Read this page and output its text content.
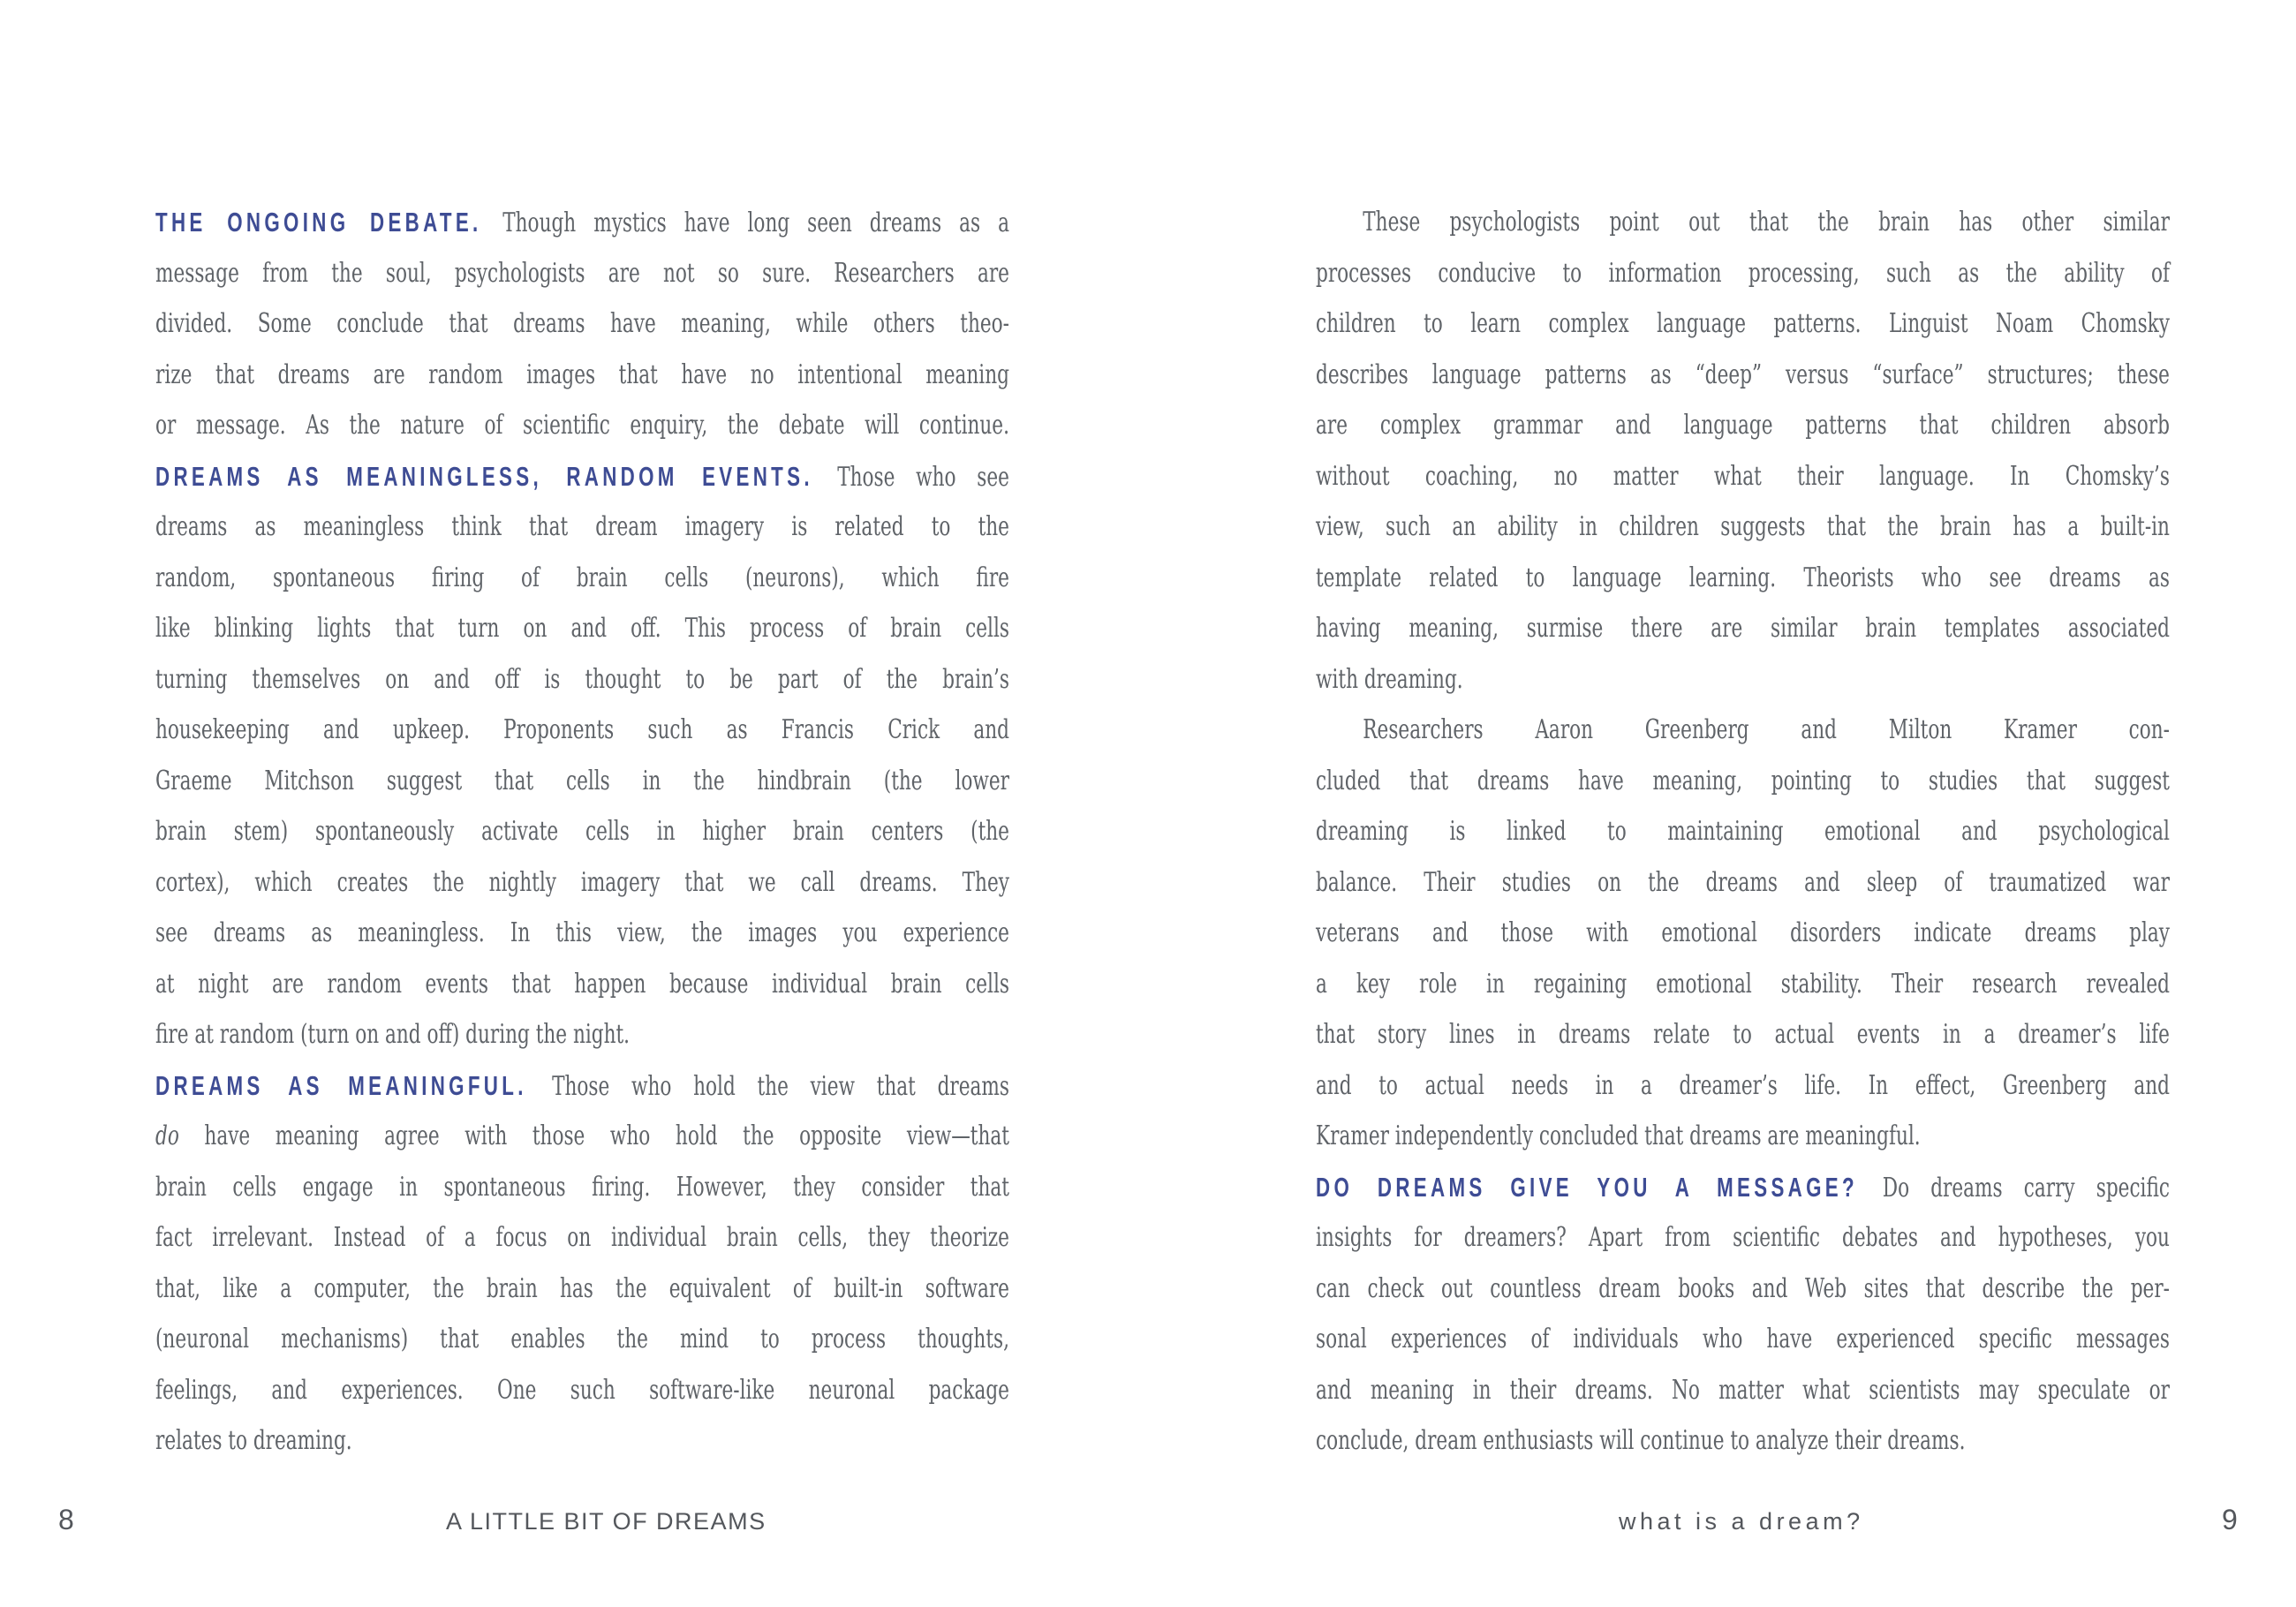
THE ONGOING DEBATE. Though mystics have long seen dreams as a
message from the soul, psychologists are not so sure. Researchers are
divided. Some conclude that dreams have meaning, while others theo-
rize that dreams are random images that have no intentional meaning
or message. As the nature of scientific enquiry, the debate will continue.
DREAMS AS MEANINGLESS, RANDOM EVENTS. Those who see
dreams as meaningless think that dream imagery is related to the
random, spontaneous firing of brain cells (neurons), which fire
like blinking lights that turn on and off. This process of brain cells
turning themselves on and off is thought to be part of the brain’s
housekeeping and upkeep. Proponents such as Francis Crick and
Graeme Mitchson suggest that cells in the hindbrain (the lower
brain stem) spontaneously activate cells in higher brain centers (the
cortex), which creates the nightly imagery that we call dreams. They
see dreams as meaningless. In this view, the images you experience
at night are random events that happen because individual brain cells
fire at random (turn on and off) during the night.
DREAMS AS MEANINGFUL. Those who hold the view that dreams
do have meaning agree with those who hold the opposite view—that
brain cells engage in spontaneous firing. However, they consider that
fact irrelevant. Instead of a focus on individual brain cells, they theorize
that, like a computer, the brain has the equivalent of built-in software
(neuronal mechanisms) that enables the mind to process thoughts,
feelings, and experiences. One such software-like neuronal package
relates to dreaming.
These psychologists point out that the brain has other similar
processes conducive to information processing, such as the ability of
children to learn complex language patterns. Linguist Noam Chomsky
describes language patterns as “deep” versus “surface” structures; these
are complex grammar and language patterns that children absorb
without coaching, no matter what their language. In Chomsky’s
view, such an ability in children suggests that the brain has a built-in
template related to language learning. Theorists who see dreams as
having meaning, surmise there are similar brain templates associated
with dreaming.
Researchers Aaron Greenberg and Milton Kramer con-
cluded that dreams have meaning, pointing to studies that suggest
dreaming is linked to maintaining emotional and psychological
balance. Their studies on the dreams and sleep of traumatized war
veterans and those with emotional disorders indicate dreams play
a key role in regaining emotional stability. Their research revealed
that story lines in dreams relate to actual events in a dreamer’s life
and to actual needs in a dreamer’s life. In effect, Greenberg and
Kramer independently concluded that dreams are meaningful.
DO DREAMS GIVE YOU A MESSAGE? Do dreams carry specific
insights for dreamers? Apart from scientific debates and hypotheses, you
can check out countless dream books and Web sites that describe the per-
sonal experiences of individuals who have experienced specific messages
and meaning in their dreams. No matter what scientists may speculate or
conclude, dream enthusiasts will continue to analyze their dreams.
8	A LITTLE BIT OF DREAMS	what is a dream?	9
